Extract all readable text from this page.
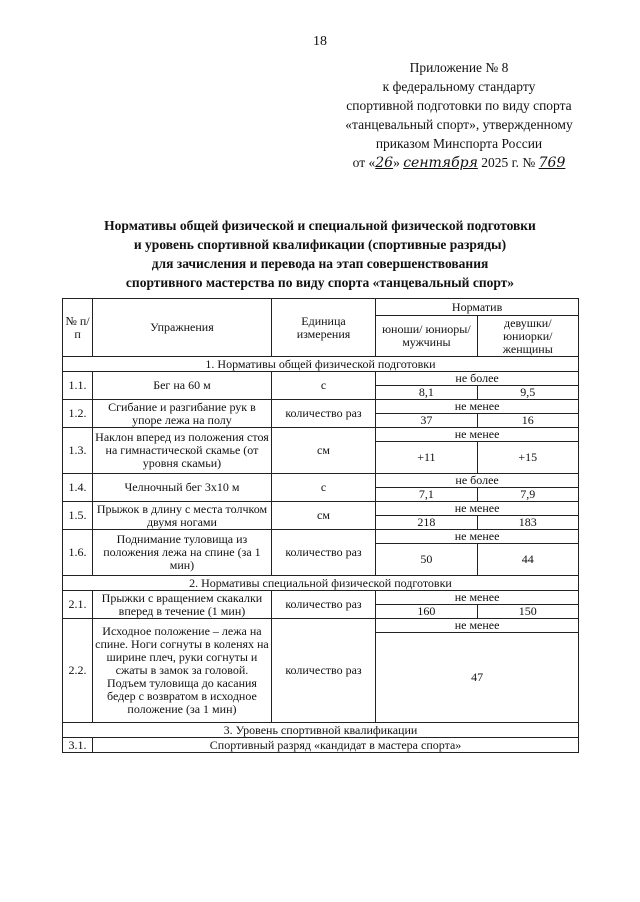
18
Приложение № 8
к федеральному стандарту
спортивной подготовки по виду спорта
«танцевальный спорт», утвержденному
приказом Минспорта России
от «26» сентября 2025 г. № 769
Нормативы общей физической и специальной физической подготовки
и уровень спортивной квалификации (спортивные разряды)
для зачисления и перевода на этап совершенствования
спортивного мастерства по виду спорта «танцевальный спорт»
№ п/п	Упражнения	Единица измерения	Норматив	
			юноши/ юниоры/ мужчины	девушки/ юниорки/ женщины
1. Нормативы общей физической подготовки				
1.1.	Бег на 60 м	с	не более	
			8,1	9,5
1.2.	Сгибание и разгибание рук в упоре лежа на полу	количество раз	не менее	
			37	16
1.3.	Наклон вперед из положения стоя на гимнастической скамье (от уровня скамьи)	см	не менее	
			+11	+15
1.4.	Челночный бег 3x10 м	с	не более	
			7,1	7,9
1.5.	Прыжок в длину с места толчком двумя ногами	см	не менее	
			218	183
1.6.	Поднимание туловища из положения лежа на спине (за 1 мин)	количество раз	не менее	
			50	44
2. Нормативы специальной физической подготовки				
2.1.	Прыжки с вращением скакалки вперед в течение (1 мин)	количество раз	не менее	
			160	150
2.2.	Исходное положение – лежа на спине. Ноги согнуты в коленях на ширине плеч, руки согнуты и сжаты в замок за головой. Подъем туловища до касания бедер с возвратом в исходное положение (за 1 мин)	количество раз	не менее	
			47	
3. Уровень спортивной квалификации				
3.1.	Спортивный разряд «кандидат в мастера спорта»			
